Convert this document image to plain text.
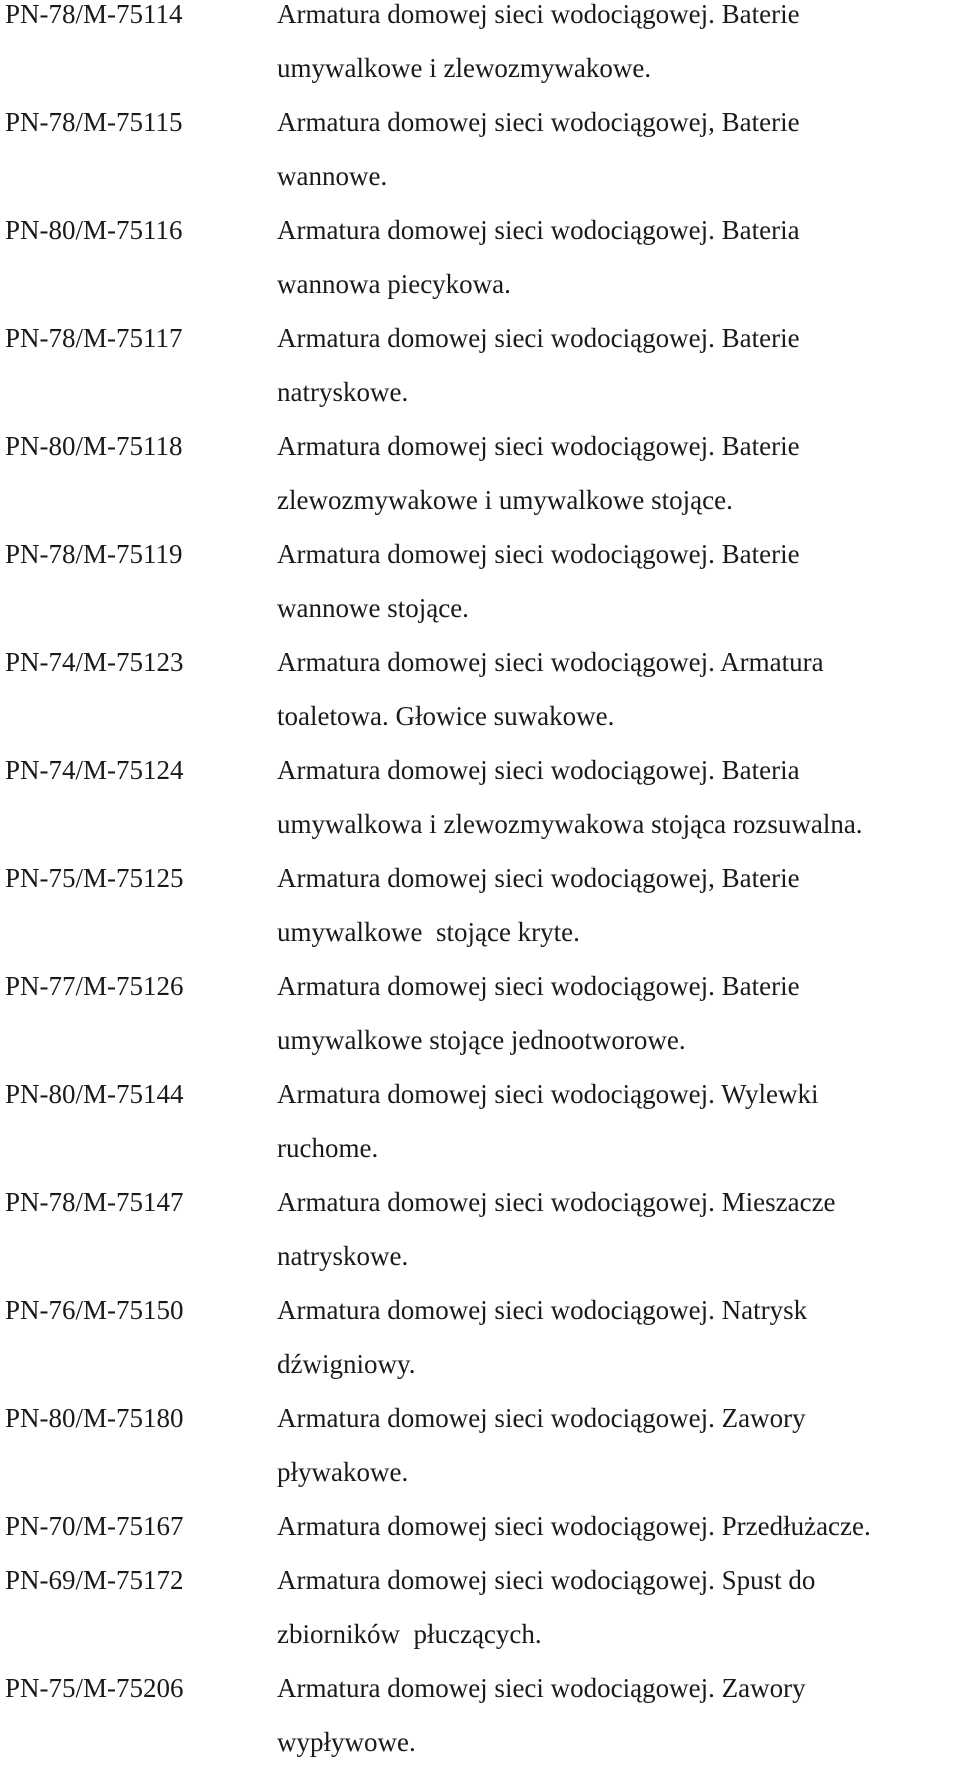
PN-78/M-75114	Armatura domowej sieci wodociągowej. Baterie
umywalkowe i zlewozmywakowe.
PN-78/M-75115	Armatura domowej sieci wodociągowej, Baterie
wannowe.
PN-80/M-75116	Armatura domowej sieci wodociągowej. Bateria
wannowa piecykowa.
PN-78/M-75117	Armatura domowej sieci wodociągowej. Baterie
natryskowe.
PN-80/M-75118	Armatura domowej sieci wodociągowej. Baterie
zlewozmywakowe i umywalkowe stojące.
PN-78/M-75119	Armatura domowej sieci wodociągowej. Baterie
wannowe stojące.
PN-74/M-75123	Armatura domowej sieci wodociągowej. Armatura
toaletowa. Głowice suwakowe.
PN-74/M-75124	Armatura domowej sieci wodociągowej. Bateria
umywalkowa i zlewozmywakowa stojąca rozsuwalna.
PN-75/M-75125	Armatura domowej sieci wodociągowej, Baterie
umywalkowe  stojące kryte.
PN-77/M-75126	Armatura domowej sieci wodociągowej. Baterie
umywalkowe stojące jednootworowe.
PN-80/M-75144	Armatura domowej sieci wodociągowej. Wylewki
ruchome.
PN-78/M-75147	Armatura domowej sieci wodociągowej. Mieszacze
natryskowe.
PN-76/M-75150	Armatura domowej sieci wodociągowej. Natrysk
dźwigniowy.
PN-80/M-75180	Armatura domowej sieci wodociągowej. Zawory
pływakowe.
PN-70/M-75167	Armatura domowej sieci wodociągowej. Przedłużacze.
PN-69/M-75172	Armatura domowej sieci wodociągowej. Spust do
zbiorników  płuczących.
PN-75/M-75206	Armatura domowej sieci wodociągowej. Zawory
wypływowe.
